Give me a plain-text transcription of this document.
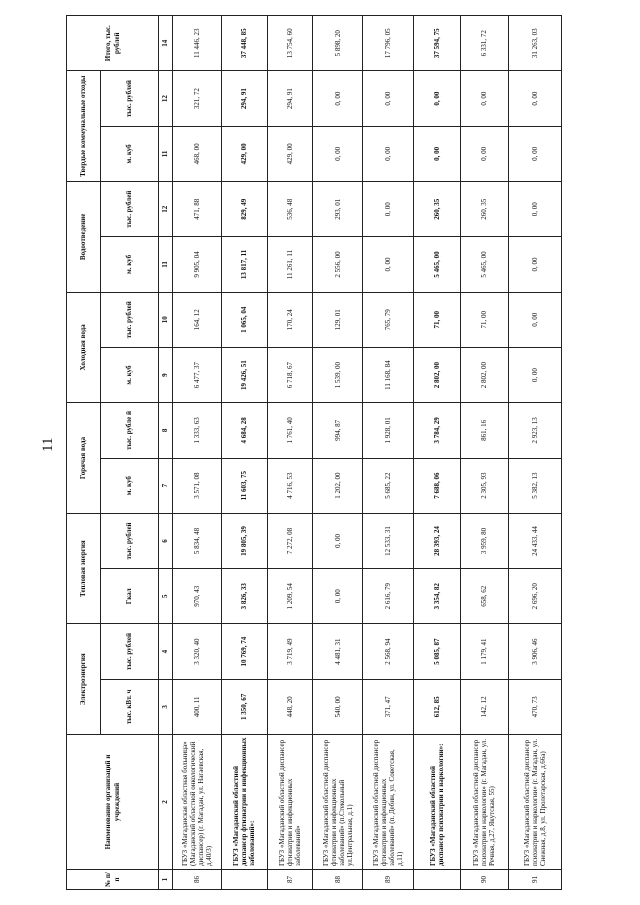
11
№ п/п	Наименование организаций и учреждений	Электроэнергия		Тепловая энергия		Горячая вода		Холодная вода		Водоотведение		Твердые коммунальные отходы		Итого, тыс. рублей
		тыс. кВт. ч	тыс. рублей	Гкал	тыс. рублей	м. куб	тыс. рубле й	м. куб	тыс. рублей	м. куб	тыс. рублей	м. куб	тыс. рублей	
1	2	3	4	5	6	7	8	9	10	11	12	11	12	14
86	ГБУЗ «Магаданская областная больница» (Магаданский областной онкологический диспансер) (г. Магадан, ул. Нагаевская, д.40/3)	400, 11	3 320, 40	970, 43	5 834, 48	3 571, 08	1 333, 63	6 477, 37	164, 12	9 905, 04	471, 88	468, 00	321, 72	11 446, 23
	ГБУЗ «Магаданский областной диспансер фтизиатрии и инфекционных заболеваний»:	1 350, 67	10 769, 74	3 826, 33	19 805, 39	11 603, 75	4 684, 28	19 426, 51	1 065, 04	13 817, 11	829, 49	429, 00	294, 91	37 448, 85
87	ГБУЗ «Магаданский областной диспансер фтизиатрии и инфекционных заболеваний»	448, 20	3 719, 49	1 209, 54	7 272, 08	4 716, 53	1 761, 40	6 718, 67	170, 24	11 261, 11	536, 48	429, 00	294, 91	13 754, 60
88	ГБУЗ «Магаданский областной диспансер фтизиатрии и инфекционных заболеваний» (п.Стекольный ул.Центральная, д.1)	540, 00	4 481, 31	0, 00	0, 00	1 202, 00	994, 87	1 539, 00	129, 01	2 556, 00	293, 01	0, 00	0, 00	5 898, 20
89	ГБУЗ «Магаданский областной диспансер фтизиатрии и инфекционных заболеваний» (п. Дебин, ул. Советская, д.11)	371, 47	2 568, 94	2 616, 79	12 533, 31	5 685, 22	1 928, 01	11 168, 84	765, 79	0, 00	0, 00	0, 00	0, 00	17 796, 05
	ГБУЗ «Магаданский областной диспансер психиатрии и наркологии»:	612, 85	5 085, 87	3 354, 82	28 393, 24	7 688, 06	3 784, 29	2 802, 00	71, 00	5 465, 00	260, 35	0, 00	0, 00	37 594, 75
90	ГБУЗ «Магаданский областной диспансер психиатрии и наркологии» (г. Магадан, ул. Речная, д.27, Якутская, 55)	142, 12	1 179, 41	658, 62	3 959, 80	2 305, 93	861, 16	2 802, 00	71, 00	5 465, 00	260, 35	0, 00	0, 00	6 331, 72
91	ГБУЗ «Магаданский областной диспансер психиатрии и наркологии» (г. Магадан, ул. Снежная, д.8, ул. Пролетарская, д.66а)	470, 73	3 906, 46	2 696, 20	24 433, 44	5 382, 13	2 923, 13	0, 00	0, 00	0, 00	0, 00	0, 00	0, 00	31 263, 03
